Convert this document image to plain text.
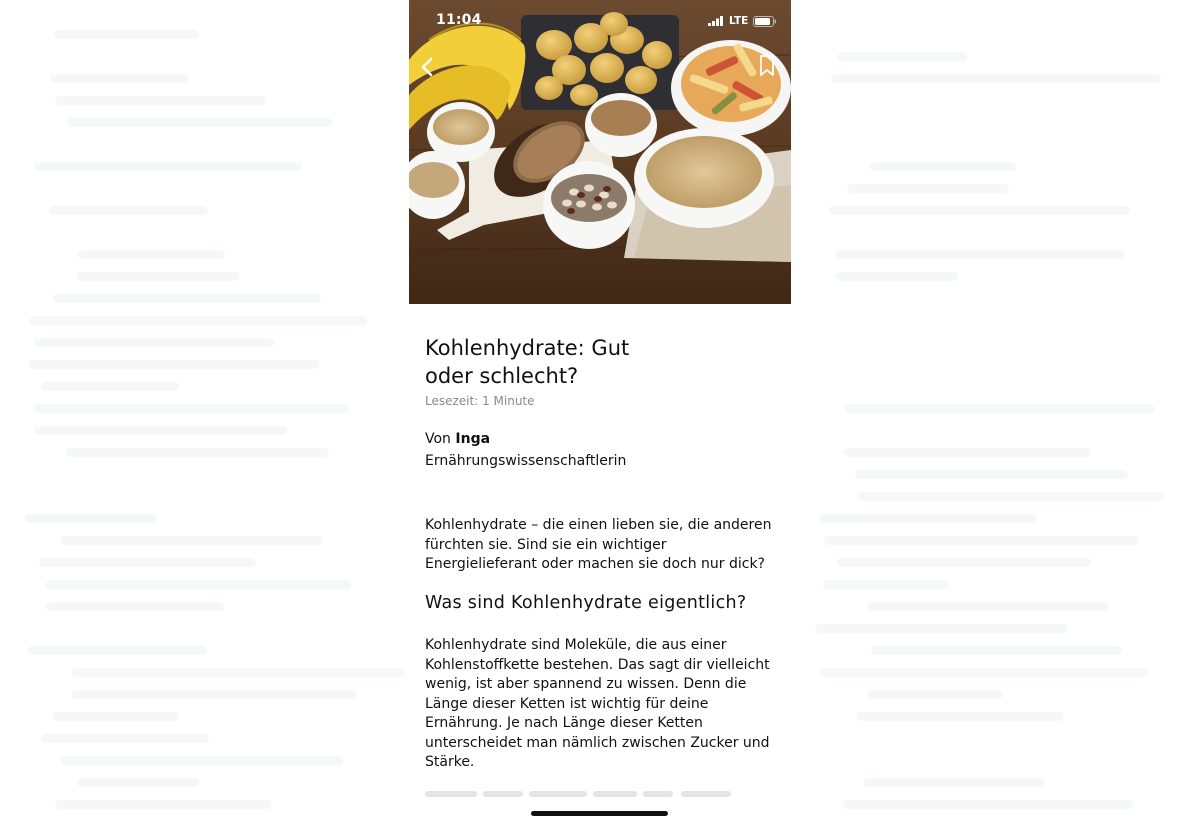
11:04	LTE
Kohlenhydrate: Gut oder schlecht?
Lesezeit: 1 Minute
Von Inga
Ernährungswissenschaftlerin

Kohlenhydrate – die einen lieben sie, die anderen fürchten sie. Sind sie ein wichtiger Energielieferant oder machen sie doch nur dick?

Was sind Kohlenhydrate eigentlich?

Kohlenhydrate sind Moleküle, die aus einer Kohlenstoffkette bestehen. Das sagt dir vielleicht wenig, ist aber spannend zu wissen. Denn die Länge dieser Ketten ist wichtig für deine Ernährung. Je nach Länge dieser Ketten unterscheidet man nämlich zwischen Zucker und Stärke.
